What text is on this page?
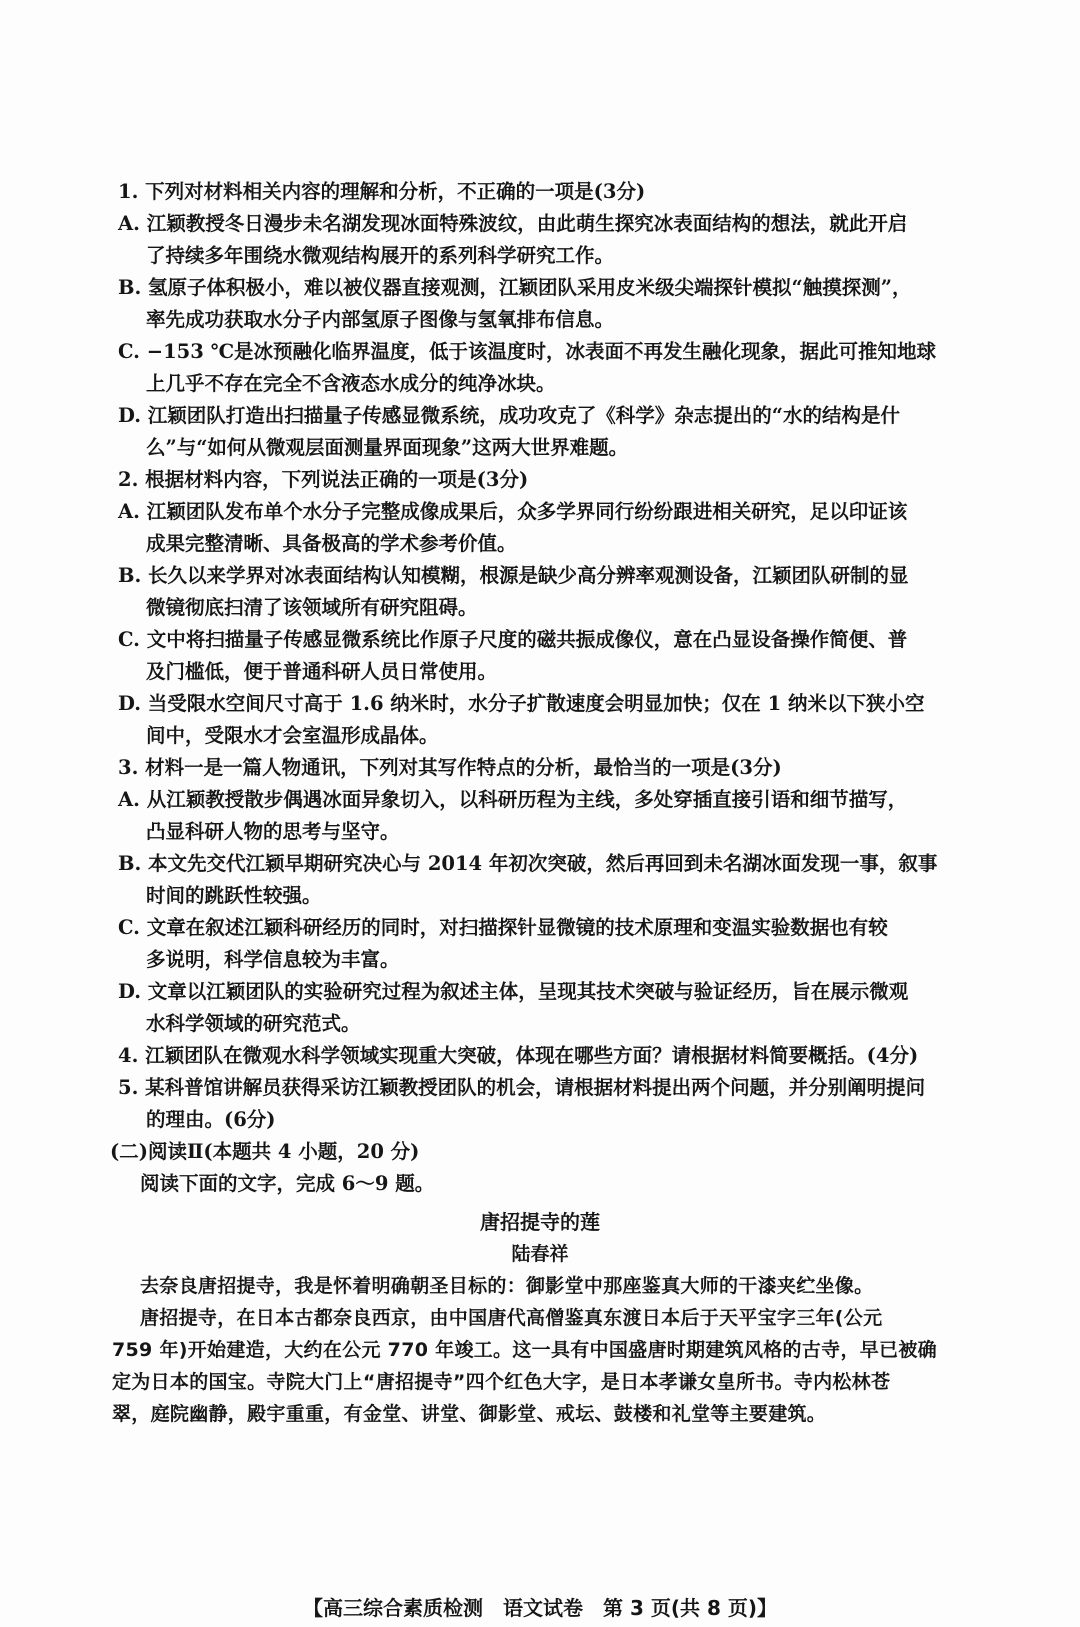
1. 下列对材料相关内容的理解和分析，不正确的一项是(3分)
A. 江颖教授冬日漫步未名湖发现冰面特殊波纹，由此萌生探究冰表面结构的想法，就此开启
了持续多年围绕水微观结构展开的系列科学研究工作。
B. 氢原子体积极小，难以被仪器直接观测，江颖团队采用皮米级尖端探针模拟“触摸探测”，
率先成功获取水分子内部氢原子图像与氢氧排布信息。
C. −153 ℃是冰预融化临界温度，低于该温度时，冰表面不再发生融化现象，据此可推知地球
上几乎不存在完全不含液态水成分的纯净冰块。
D. 江颖团队打造出扫描量子传感显微系统，成功攻克了《科学》杂志提出的“水的结构是什
么”与“如何从微观层面测量界面现象”这两大世界难题。
2. 根据材料内容，下列说法正确的一项是(3分)
A. 江颖团队发布单个水分子完整成像成果后，众多学界同行纷纷跟进相关研究，足以印证该
成果完整清晰、具备极高的学术参考价值。
B. 长久以来学界对冰表面结构认知模糊，根源是缺少高分辨率观测设备，江颖团队研制的显
微镜彻底扫清了该领域所有研究阻碍。
C. 文中将扫描量子传感显微系统比作原子尺度的磁共振成像仪，意在凸显设备操作简便、普
及门槛低，便于普通科研人员日常使用。
D. 当受限水空间尺寸高于 1.6 纳米时，水分子扩散速度会明显加快；仅在 1 纳米以下狭小空
间中，受限水才会室温形成晶体。
3. 材料一是一篇人物通讯，下列对其写作特点的分析，最恰当的一项是(3分)
A. 从江颖教授散步偶遇冰面异象切入，以科研历程为主线，多处穿插直接引语和细节描写，
凸显科研人物的思考与坚守。
B. 本文先交代江颖早期研究决心与 2014 年初次突破，然后再回到未名湖冰面发现一事，叙事
时间的跳跃性较强。
C. 文章在叙述江颖科研经历的同时，对扫描探针显微镜的技术原理和变温实验数据也有较
多说明，科学信息较为丰富。
D. 文章以江颖团队的实验研究过程为叙述主体，呈现其技术突破与验证经历，旨在展示微观
水科学领域的研究范式。
4. 江颖团队在微观水科学领域实现重大突破，体现在哪些方面？请根据材料简要概括。(4分)
5. 某科普馆讲解员获得采访江颖教授团队的机会，请根据材料提出两个问题，并分别阐明提问
的理由。(6分)
(二)阅读Ⅱ(本题共 4 小题，20 分)
阅读下面的文字，完成 6～9 题。
唐招提寺的莲
陆春祥
去奈良唐招提寺，我是怀着明确朝圣目标的：御影堂中那座鉴真大师的干漆夹纻坐像。
唐招提寺，在日本古都奈良西京，由中国唐代高僧鉴真东渡日本后于天平宝字三年(公元
759 年)开始建造，大约在公元 770 年竣工。这一具有中国盛唐时期建筑风格的古寺，早已被确
定为日本的国宝。寺院大门上“唐招提寺”四个红色大字，是日本孝谦女皇所书。寺内松林苍
翠，庭院幽静，殿宇重重，有金堂、讲堂、御影堂、戒坛、鼓楼和礼堂等主要建筑。
【高三综合素质检测　语文试卷　第 3 页(共 8 页)】
